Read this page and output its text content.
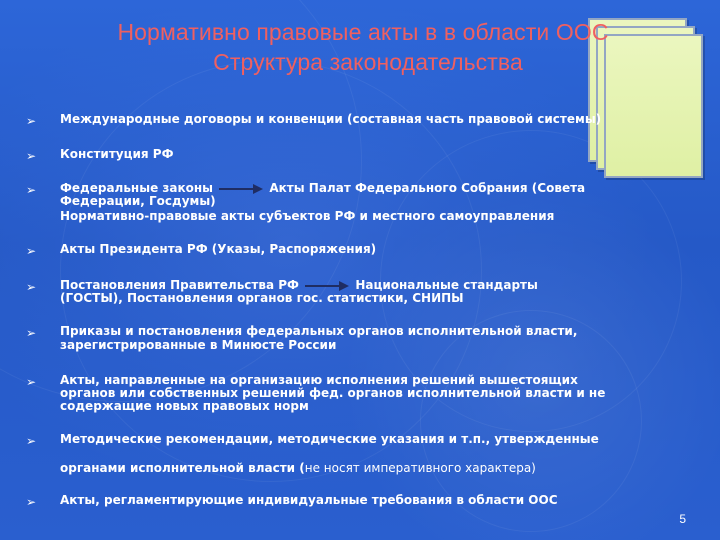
Нормативно правовые акты в в области ООС
Структура законодательства
➢	Международные договоры и конвенции (составная часть правовой системы)
➢	Конституция РФ
➢	Федеральные законы	Акты Палат Федерального Собрания (Совета
Федерации, Госдумы)
Нормативно-правовые акты субъектов РФ и местного самоуправления
➢	Акты Президента РФ (Указы, Распоряжения)
➢	Постановления Правительства РФ	Национальные стандарты
(ГОСТЫ), Постановления органов гос. статистики, СНИПЫ
➢	Приказы и постановления федеральных органов исполнительной власти,
зарегистрированные в Минюсте России
➢	Акты, направленные на организацию исполнения решений вышестоящих
органов или собственных решений фед. органов исполнительной власти и не
содержащие новых правовых норм
➢	Методические рекомендации, методические указания и т.п., утвержденные
органами исполнительной власти (не носят императивного характера)
➢	Акты, регламентирующие индивидуальные требования в области ООС
5
